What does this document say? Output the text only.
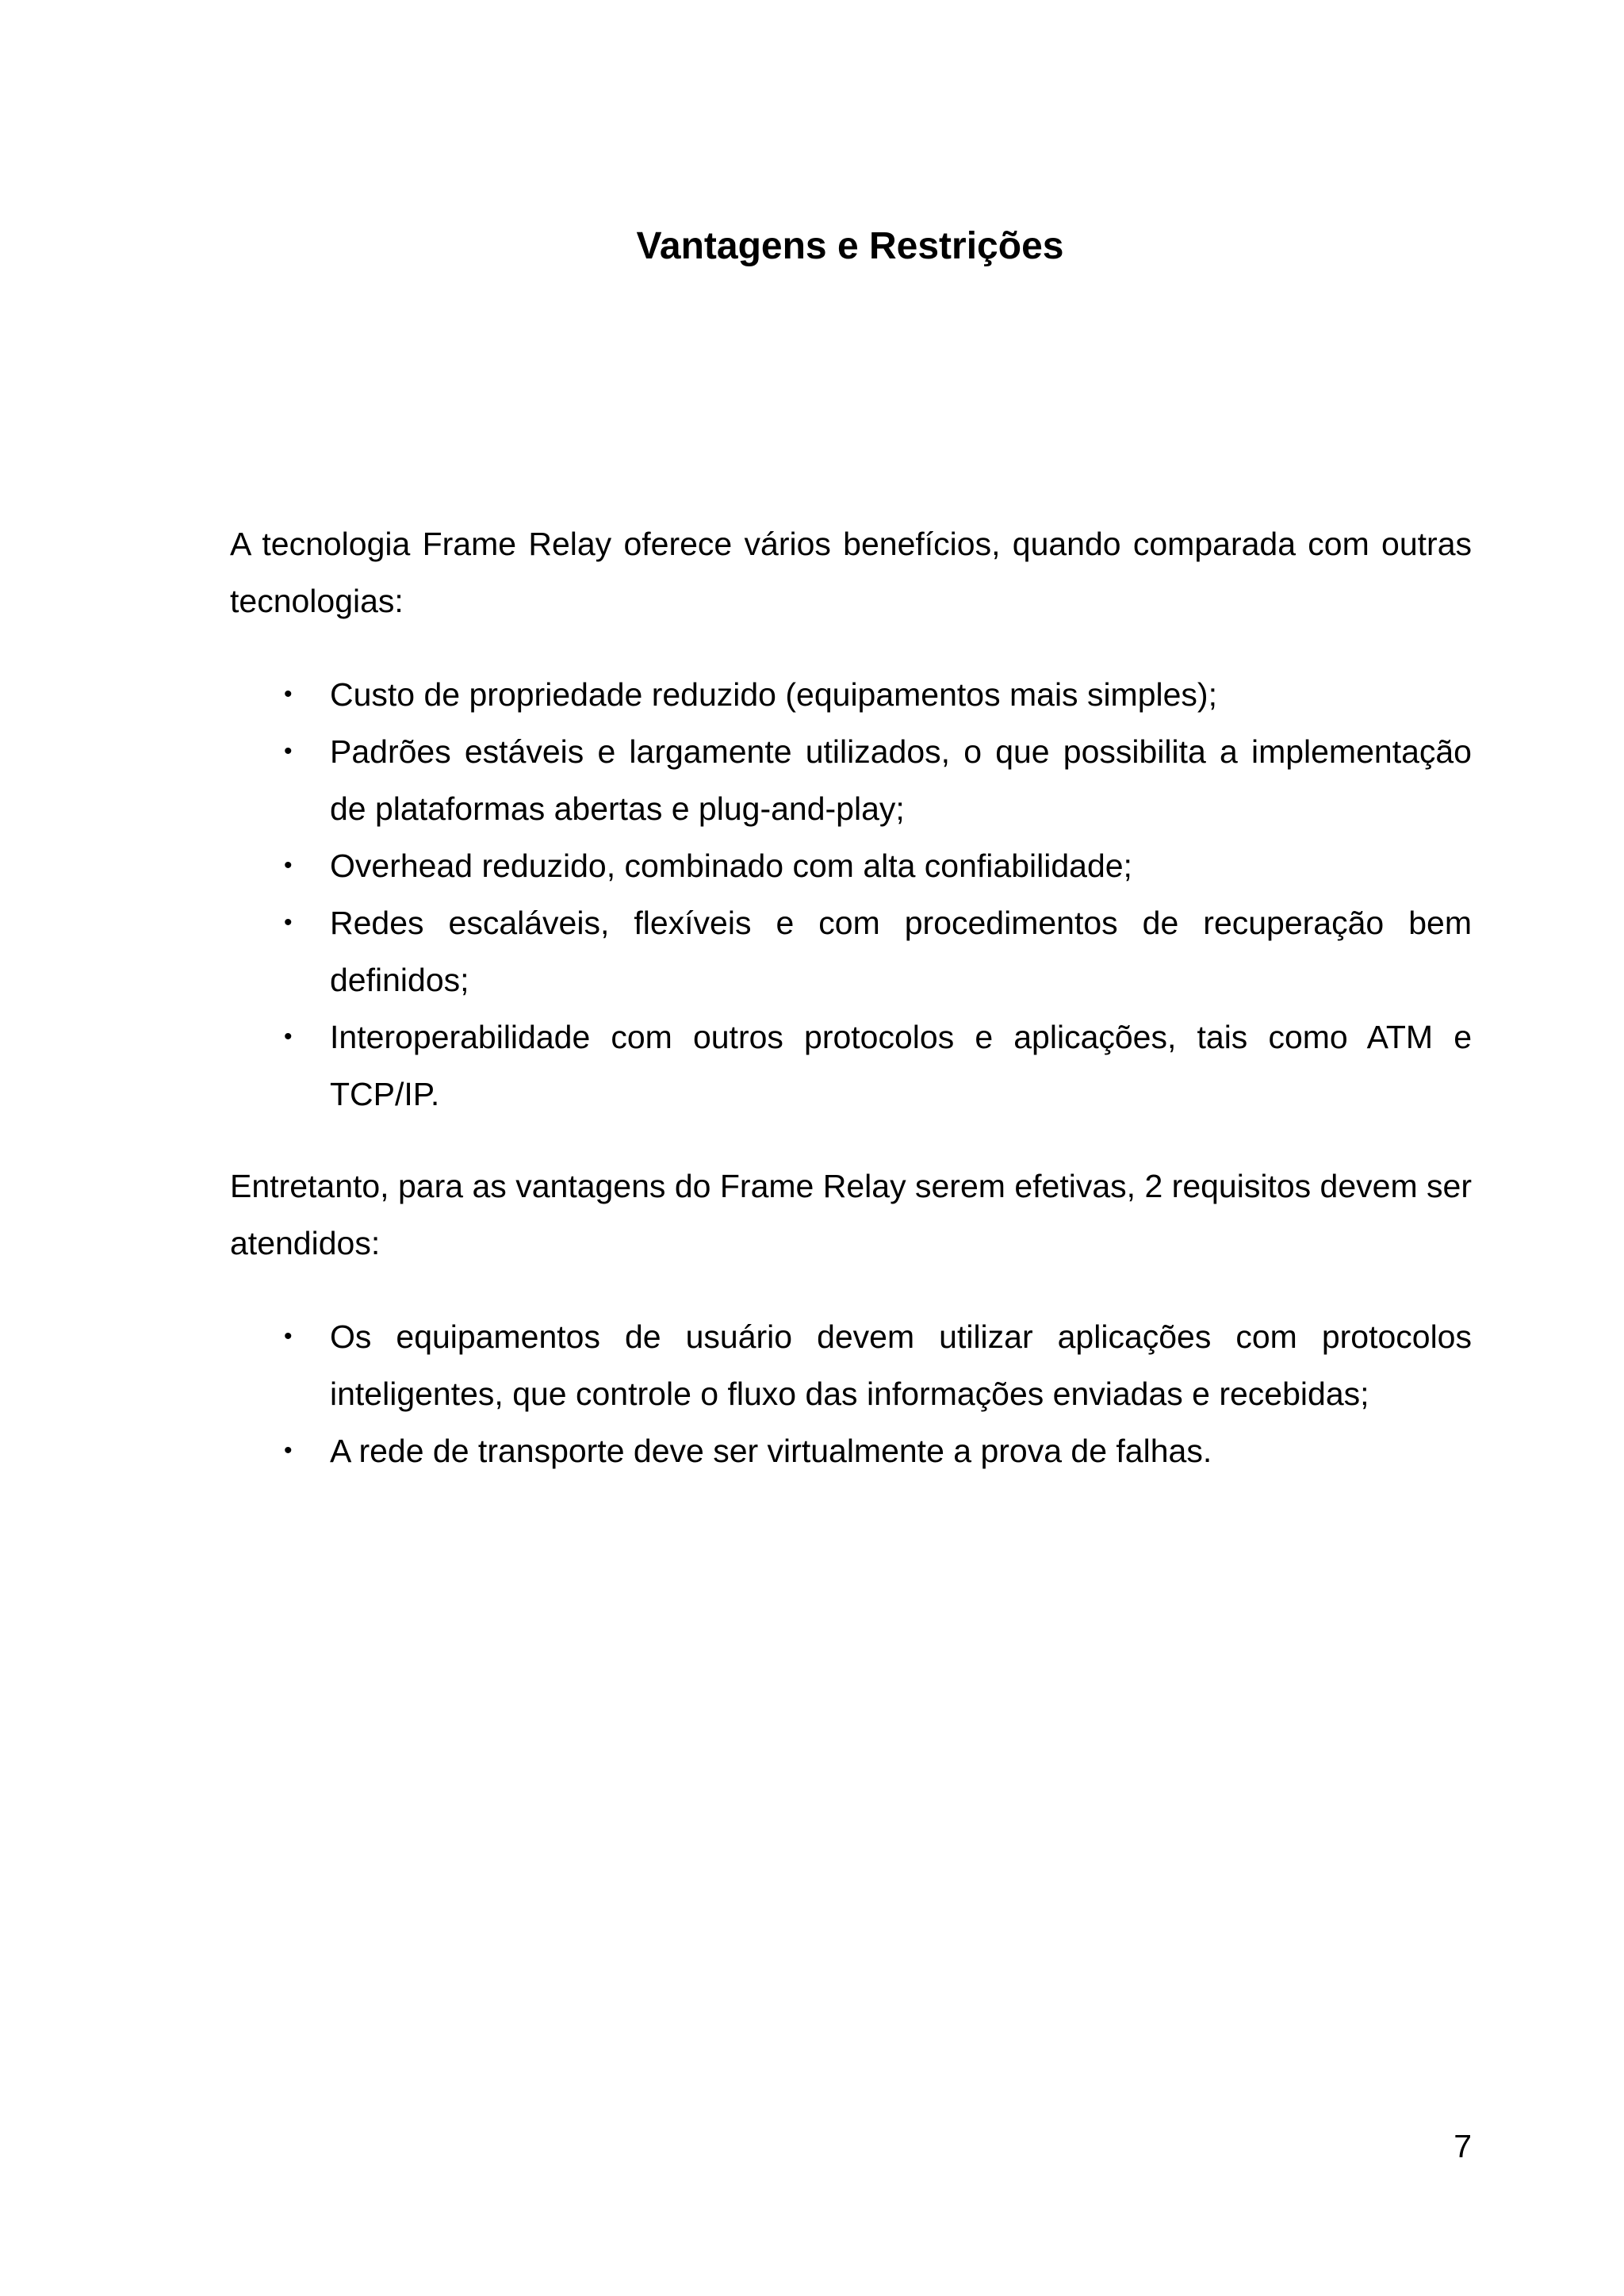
Vantagens e Restrições

A tecnologia Frame Relay oferece vários benefícios, quando comparada com outras tecnologias:

• Custo de propriedade reduzido (equipamentos mais simples);
• Padrões estáveis e largamente utilizados, o que possibilita a implementação de plataformas abertas e plug-and-play;
• Overhead reduzido, combinado com alta confiabilidade;
• Redes escaláveis, flexíveis e com procedimentos de recuperação bem definidos;
• Interoperabilidade com outros protocolos e aplicações, tais como ATM e TCP/IP.

Entretanto, para as vantagens do Frame Relay serem efetivas, 2 requisitos devem ser atendidos:

• Os equipamentos de usuário devem utilizar aplicações com protocolos inteligentes, que controle o fluxo das informações enviadas e recebidas;
• A rede de transporte deve ser virtualmente a prova de falhas.
7
